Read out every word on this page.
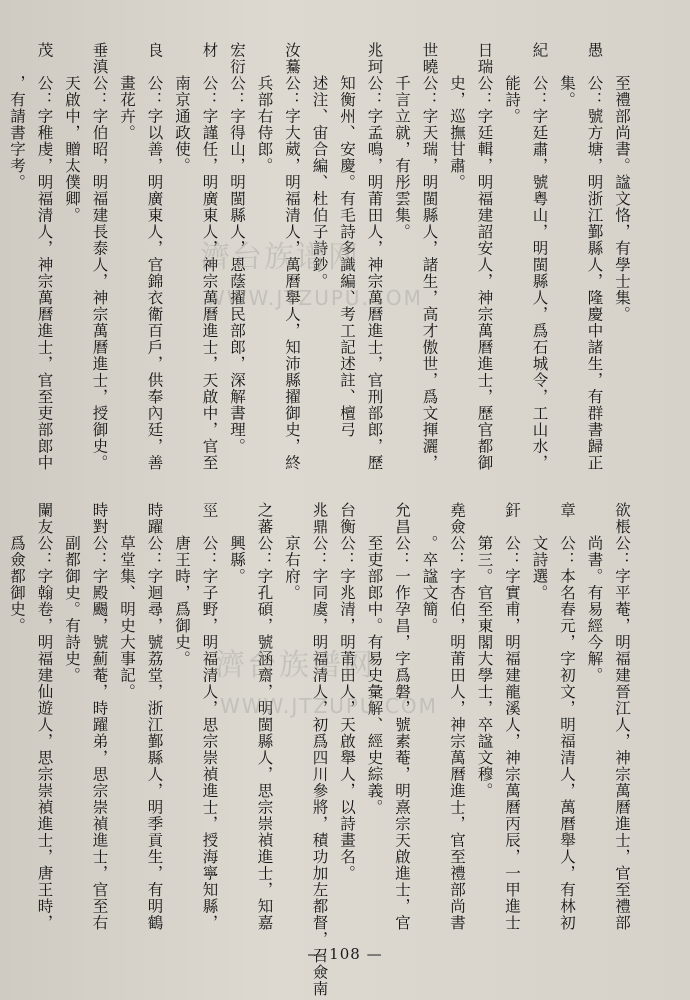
至禮部尚書。諡文恪，有學士集。
愚　公：號方塘，明浙江鄞縣人，隆慶中諸生，有群書歸正
集。
紀　公：字廷肅，號粤山，明閩縣人，爲石城令，工山水，
能詩。
日瑞公：字廷輯，明福建詔安人，神宗萬曆進士，歷官都御
史，巡撫甘肅。
世曉公：字天瑞，明閩縣人，諸生，高才傲世，爲文揮灑，
千言立就，有彤雲集。
兆珂公：字孟鳴，明莆田人，神宗萬曆進士，官刑部郎，歷
知衡州、安慶。有毛詩多識編、考工記述註、檀弓
述注、宙合編、杜伯子詩鈔。
汝驀公：字大葳，明福清人，萬曆舉人，知沛縣擢御史，終
兵部右侍郎。
宏衍公：字得山，明閩縣人，恩蔭擢民部郎，深解書理。
材　公：字謹任，明廣東人，神宗萬曆進士，天啟中，官至
南京通政使。
良　公：字以善，明廣東人，官錦衣衛百戶，供奉內廷，善
畫花卉。
垂滇公：字伯昭，明福建長泰人，神宗萬曆進士，授御史。
天啟中，贈太僕卿。
茂　公：字稚虔，明福清人，神宗萬曆進士，官至吏部郎中
，有請書字考。
欲棖公：字平菴，明福建晉江人，神宗萬曆進士，官至禮部
尚書。有易經今解。
章　公：本名春元，字初文，明福清人，萬曆舉人，有林初
文詩選。
釬　公：字實甫，明福建龍溪人，神宗萬曆丙辰，一甲進士
第三。官至東閣大學士，卒諡文穆。
堯僉公：字杏伯，明莆田人，神宗萬曆進士，官至禮部尚書
。卒諡文簡。
允昌公：一作孕昌，字爲磐，號素菴，明熹宗天啟進士，官
至吏部郎中。有易史彙解、經史綜義。
台衡公：字兆清，明莆田人，天啟舉人，以詩畫名。
兆鼎公：字同虞，明福清人，初爲四川參將，積功加左都督，召僉南
京右府。
之蕃公：字孔碩，號涵齋，明閩縣人，思宗崇禎進士，知嘉
興縣。
巠　公：字子野，明福清人，思宗崇禎進士，授海寧知縣，
唐王時，爲御史。
時躍公：字迴尋，號荔堂，浙江鄞縣人，明季貢生，有明鶴
草堂集、明史大事記。
時對公：字殿颺，號薊菴，時躍弟，思宗崇禎進士，官至右
副都御史。有詩史。
闌友公：字翰卷，明福建仙遊人，思宗崇禎進士，唐王時，
爲僉都御史。
濟台族谱网
WWW.JTZUPU.COM
濟台族谱网
WWW.JTZUPU.COM
— 108 —
